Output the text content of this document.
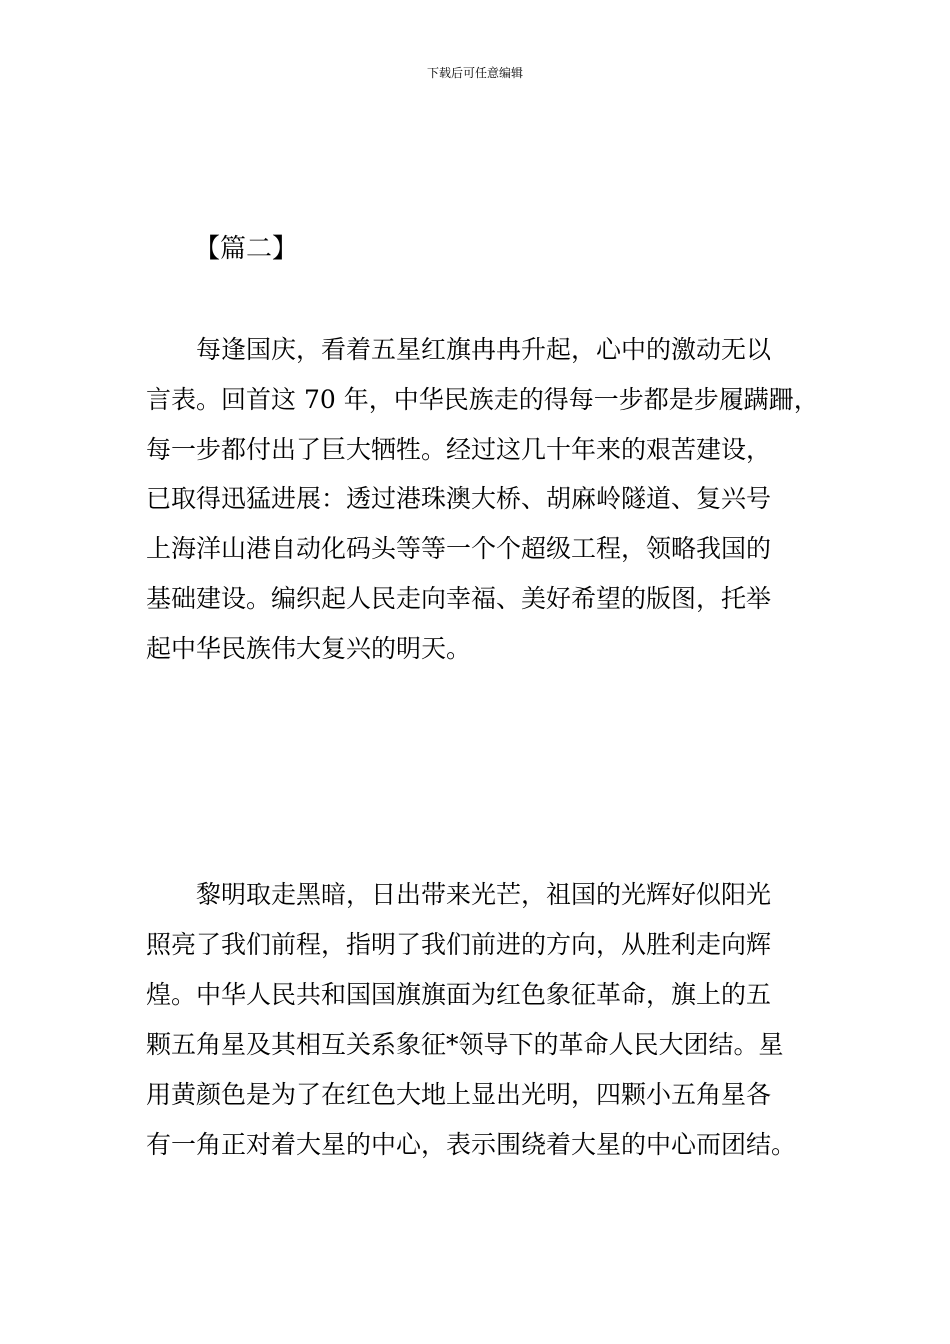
下载后可任意编辑
【篇二】
每逢国庆，看着五星红旗冉冉升起，心中的激动无以
言表。回首这 70 年，中华民族走的得每一步都是步履蹒跚，
每一步都付出了巨大牺牲。经过这几十年来的艰苦建设，
已取得迅猛进展：透过港珠澳大桥、胡麻岭隧道、复兴号
上海洋山港自动化码头等等一个个超级工程，领略我国的
基础建设。编织起人民走向幸福、美好希望的版图，托举
起中华民族伟大复兴的明天。
黎明取走黑暗，日出带来光芒，祖国的光辉好似阳光
照亮了我们前程，指明了我们前进的方向，从胜利走向辉
煌。中华人民共和国国旗旗面为红色象征革命，旗上的五
颗五角星及其相互关系象征*领导下的革命人民大团结。星
用黄颜色是为了在红色大地上显出光明，四颗小五角星各
有一角正对着大星的中心，表示围绕着大星的中心而团结。
